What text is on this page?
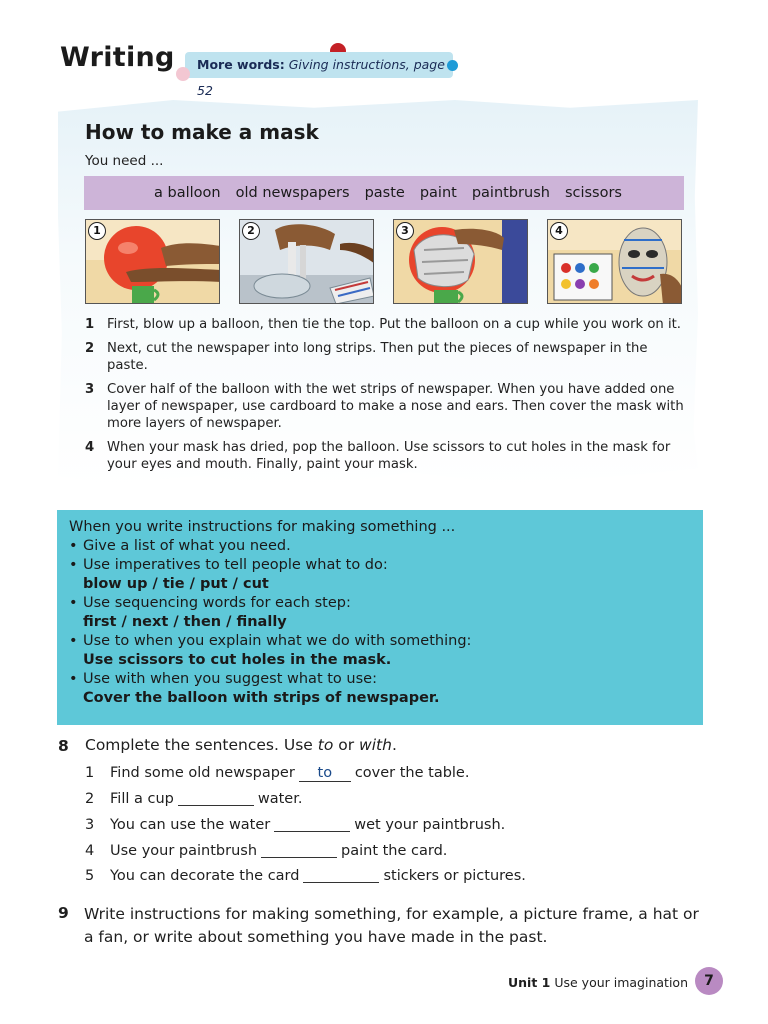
Writing	More words: Giving instructions, page 52
How to make a mask
You need ...
a balloon old newspapers paste paint paintbrush scissors
1	2	3	4
1 First, blow up a balloon, then tie the top. Put the balloon on a cup while you work on it.
2 Next, cut the newspaper into long strips. Then put the pieces of newspaper in the paste.
3 Cover half of the balloon with the wet strips of newspaper. When you have added one layer of newspaper, use cardboard to make a nose and ears. Then cover the mask with more layers of newspaper.
4 When your mask has dried, pop the balloon. Use scissors to cut holes in the mask for your eyes and mouth. Finally, paint your mask.
When you write instructions for making something ...
• Give a list of what you need.
• Use imperatives to tell people what to do:
blow up / tie / put / cut
• Use sequencing words for each step:
first / next / then / finally
• Use to when you explain what we do with something:
Use scissors to cut holes in the mask.
• Use with when you suggest what to use:
Cover the balloon with strips of newspaper.
8 Complete the sentences. Use to or with.
1	Find some old newspaper	to	cover the table.
2	Fill a cup	water.
3	You can use the water	wet your paintbrush.
4	Use your paintbrush	paint the card.
5	You can decorate the card	stickers or pictures.
9 Write instructions for making something, for example, a picture frame, a hat or a fan, or write about something you have made in the past.
Unit 1 Use your imagination	7
